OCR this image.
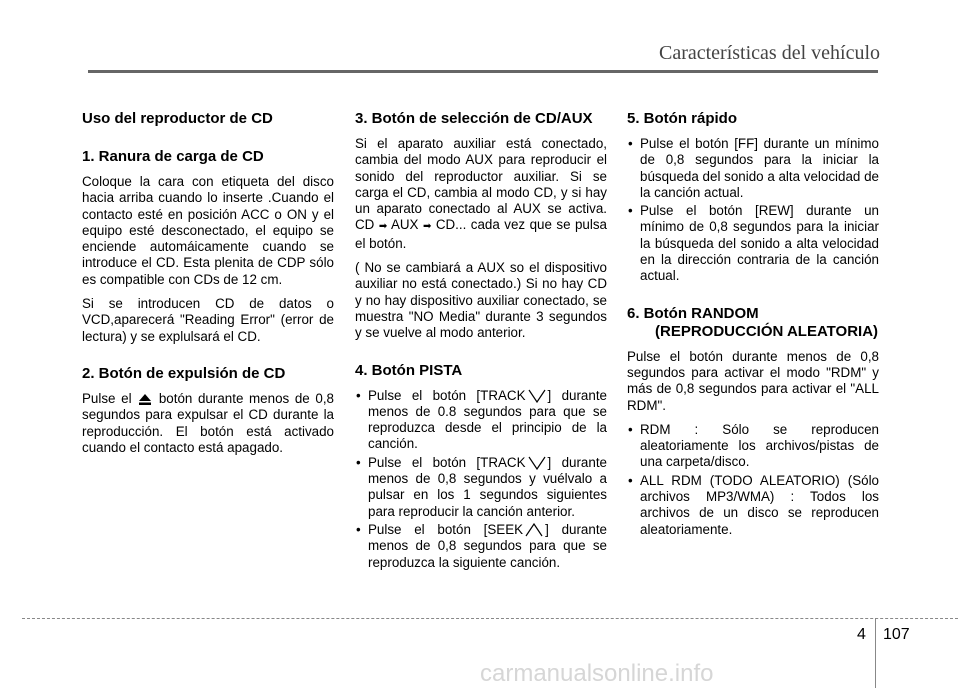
Características del vehículo
Uso del reproductor de CD
1. Ranura de carga de CD

Coloque la cara con etiqueta del disco hacia arriba cuando lo inserte .Cuando el contacto esté en posición ACC o ON y el equipo esté desconectado, el equipo se enciende automáicamente cuando se introduce el CD. Esta plenita de CDP sólo es compatible con CDs de 12 cm.

Si se introducen CD de datos o VCD,aparecerá "Reading Error" (error de lectura) y se explulsará el CD.

2. Botón de expulsión de CD

Pulse el botón durante menos de 0,8 segundos para expulsar el CD durante la reproducción. El botón está activado cuando el contacto está apagado.

3. Botón de selección de CD/AUX

Si el aparato auxiliar está conectado, cambia del modo AUX para reproducir el sonido del reproductor auxiliar. Si se carga el CD, cambia al modo CD, y si hay un aparato conectado al AUX se activa. CD ➡ AUX ➡ CD... cada vez que se pulsa el botón.

( No se cambiará a AUX so el dispositivo auxiliar no está conectado.) Si no hay CD y no hay dispositivo auxiliar conectado, se muestra "NO Media" durante 3 segundos y se vuelve al modo anterior.

4. Botón PISTA
• Pulse el botón [TRACK ] durante menos de 0.8 segundos para que se reproduzca desde el principio de la canción.
• Pulse el botón [TRACK ] durante menos de 0,8 segundos y vuélvalo a pulsar en los 1 segundos siguientes para reproducir la canción anterior.
• Pulse el botón [SEEK ] durante menos de 0,8 segundos para que se reproduzca la siguiente canción.
5. Botón rápido
• Pulse el botón [FF] durante un mínimo de 0,8 segundos para la iniciar la búsqueda del sonido a alta velocidad de la canción actual.
• Pulse el botón [REW] durante un mínimo de 0,8 segundos para la iniciar la búsqueda del sonido a alta velocidad en la dirección contraria de la canción actual.
6. Botón RANDOM

(REPRODUCCIÓN ALEATORIA)

Pulse el botón durante menos de 0,8 segundos para activar el modo "RDM" y más de 0,8 segundos para activar el "ALL RDM".

• RDM : Sólo se reproducen aleatoriamente los archivos/pistas de una carpeta/disco.
• ALL RDM (TODO ALEATORIO) (Sólo archivos MP3/WMA) : Todos los archivos de un disco se reproducen aleatoriamente.
4 107
carmanualsonline.info
